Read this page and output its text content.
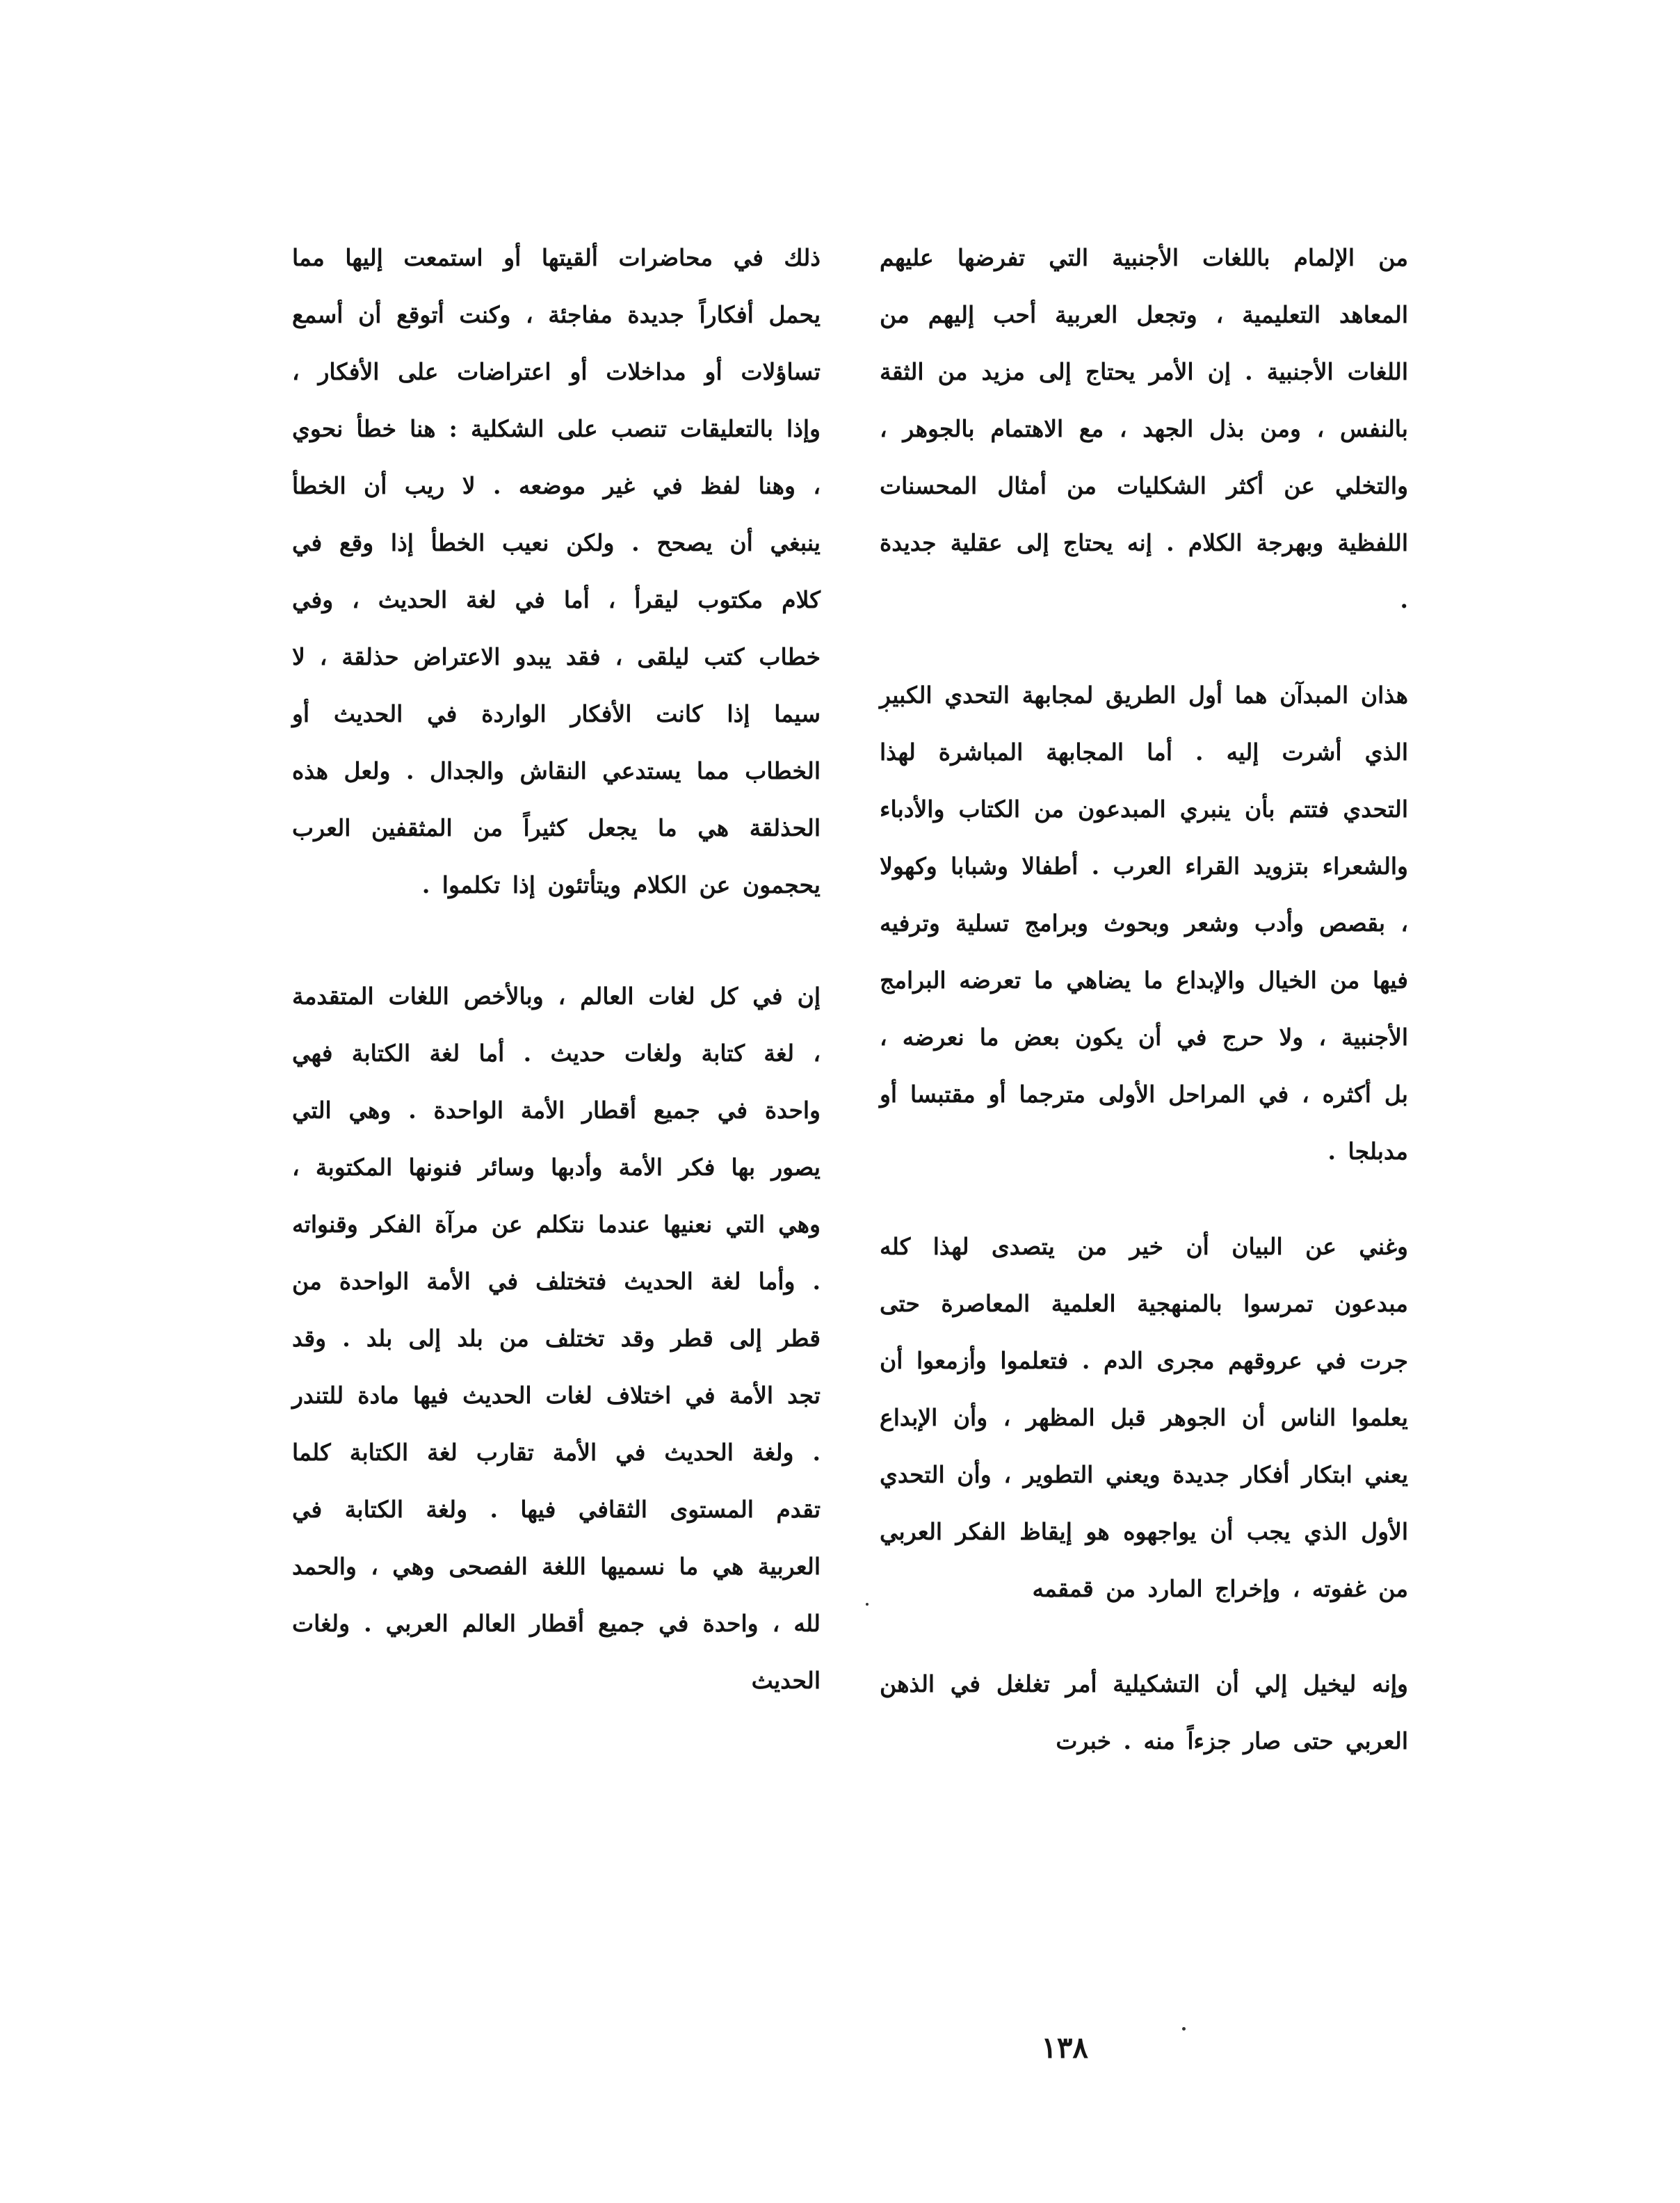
من الإلمام باللغات الأجنبية التي تفرضها عليهم المعاهد التعليمية ، وتجعل العربية أحب إليهم من اللغات الأجنبية . إن الأمر يحتاج إلى مزيد من الثقة بالنفس ، ومن بذل الجهد ، مع الاهتمام بالجوهر ، والتخلي عن أكثر الشكليات من أمثال المحسنات اللفظية وبهرجة الكلام . إنه يحتاج إلى عقلية جديدة .

هذان المبدآن هما أول الطريق لمجابهة التحدي الكبير الذي أشرت إليه . أما المجابهة المباشرة لهذا التحدي فتتم بأن ينبري المبدعون من الكتاب والأدباء والشعراء بتزويد القراء العرب . أطفالا وشبابا وكهولا ، بقصص وأدب وشعر وبحوث وبرامج تسلية وترفيه فيها من الخيال والإبداع ما يضاهي ما تعرضه البرامج الأجنبية ، ولا حرج في أن يكون بعض ما نعرضه ، بل أكثره ، في المراحل الأولى مترجما أو مقتبسا أو مدبلجا .

وغني عن البيان أن خير من يتصدى لهذا كله مبدعون تمرسوا بالمنهجية العلمية المعاصرة حتى جرت في عروقهم مجرى الدم . فتعلموا وأزمعوا أن يعلموا الناس أن الجوهر قبل المظهر ، وأن الإبداع يعني ابتكار أفكار جديدة ويعني التطوير ، وأن التحدي الأول الذي يجب أن يواجهوه هو إيقاظ الفكر العربي من غفوته ، وإخراج المارد من قمقمه

وإنه ليخيل إلي أن التشكيلية أمر تغلغل في الذهن العربي حتى صار جزءاً منه . خبرت

ذلك في محاضرات ألقيتها أو استمعت إليها مما يحمل أفكاراً جديدة مفاجئة ، وكنت أتوقع أن أسمع تساؤلات أو مداخلات أو اعتراضات على الأفكار ، وإذا بالتعليقات تنصب على الشكلية : هنا خطأ نحوي ، وهنا لفظ في غير موضعه . لا ريب أن الخطأ ينبغي أن يصحح . ولكن نعيب الخطأ إذا وقع في كلام مكتوب ليقرأ ، أما في لغة الحديث ، وفي خطاب كتب ليلقى ، فقد يبدو الاعتراض حذلقة ، لا سيما إذا كانت الأفكار الواردة في الحديث أو الخطاب مما يستدعي النقاش والجدال . ولعل هذه الحذلقة هي ما يجعل كثيراً من المثقفين العرب يحجمون عن الكلام ويتأتئون إذا تكلموا .

إن في كل لغات العالم ، وبالأخص اللغات المتقدمة ، لغة كتابة ولغات حديث . أما لغة الكتابة فهي واحدة في جميع أقطار الأمة الواحدة . وهي التي يصور بها فكر الأمة وأدبها وسائر فنونها المكتوبة ، وهي التي نعنيها عندما نتكلم عن مرآة الفكر وقنواته . وأما لغة الحديث فتختلف في الأمة الواحدة من قطر إلى قطر وقد تختلف من بلد إلى بلد . وقد تجد الأمة في اختلاف لغات الحديث فيها مادة للتندر . ولغة الحديث في الأمة تقارب لغة الكتابة كلما تقدم المستوى الثقافي فيها . ولغة الكتابة في العربية هي ما نسميها اللغة الفصحى وهي ، والحمد لله ، واحدة في جميع أقطار العالم العربي . ولغات الحديث

١٣٨
